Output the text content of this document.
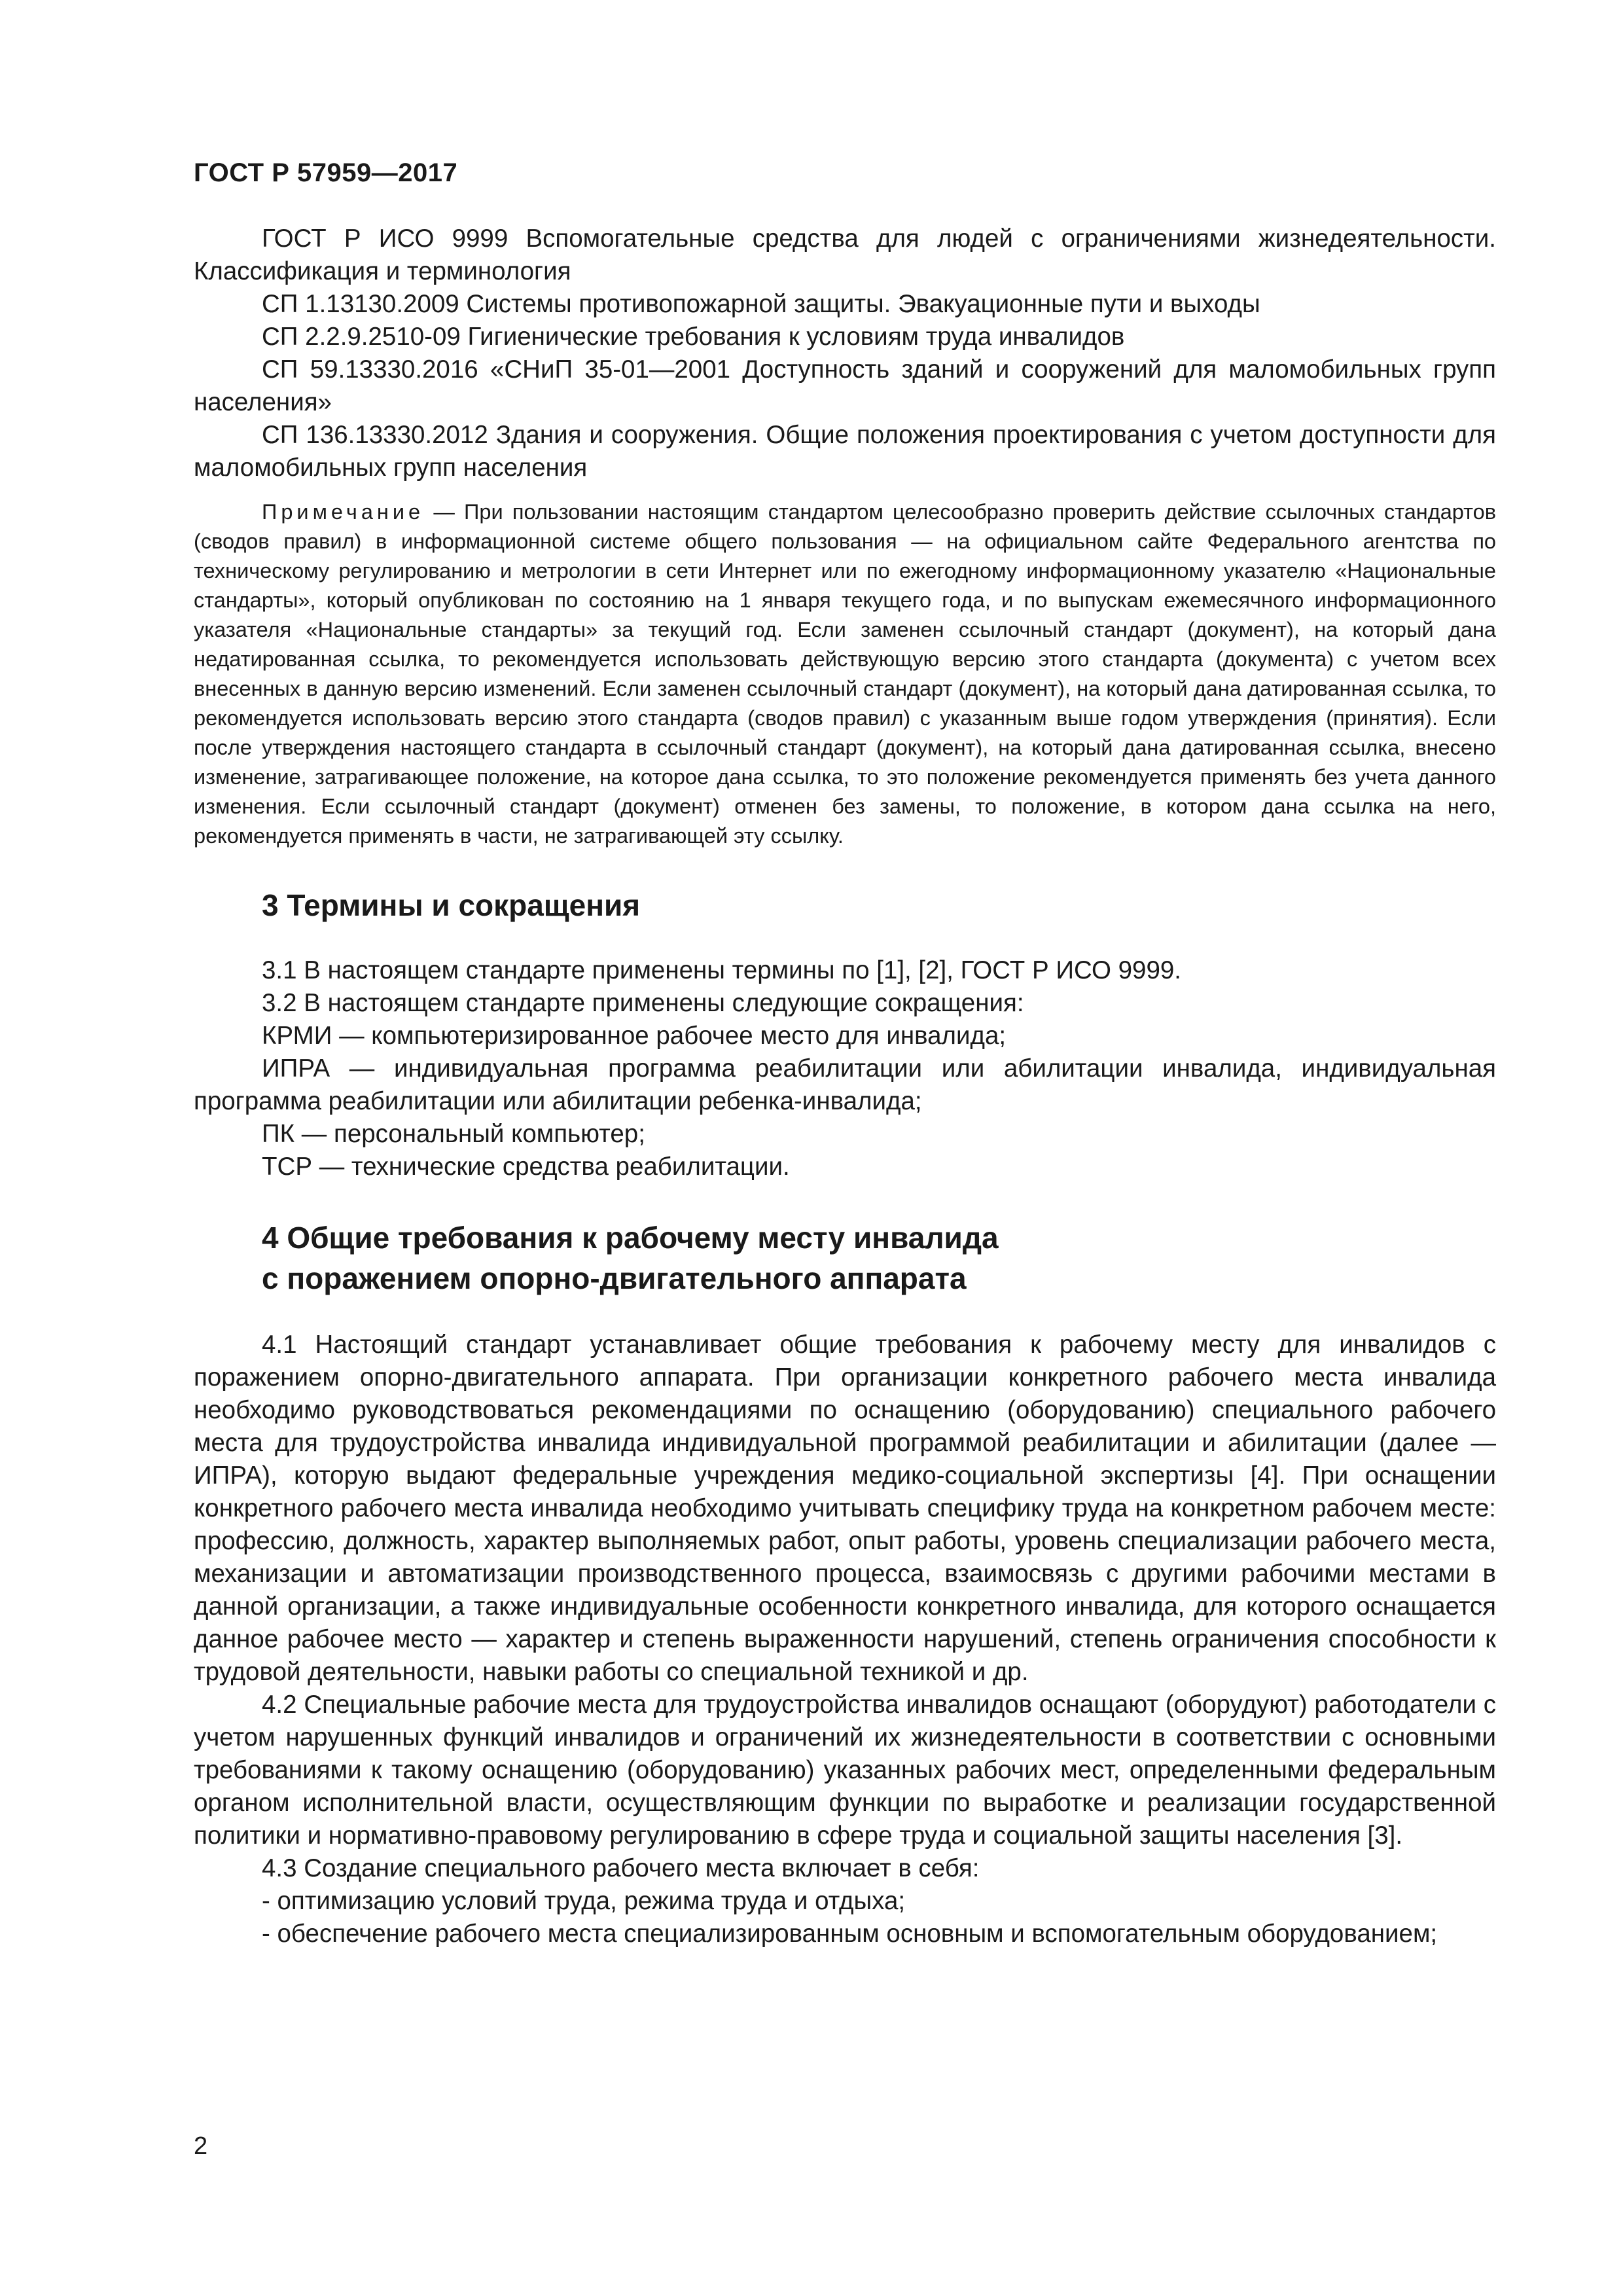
ГОСТ Р 57959—2017

ГОСТ Р ИСО 9999 Вспомогательные средства для людей с ограничениями жизнедеятельности. Классификация и терминология

СП 1.13130.2009 Системы противопожарной защиты. Эвакуационные пути и выходы

СП 2.2.9.2510-09 Гигиенические требования к условиям труда инвалидов

СП 59.13330.2016 «СНиП 35-01—2001 Доступность зданий и сооружений для маломобильных групп населения»

СП 136.13330.2012 Здания и сооружения. Общие положения проектирования с учетом доступности для маломобильных групп населения

Примечание — При пользовании настоящим стандартом целесообразно проверить действие ссылочных стандартов (сводов правил) в информационной системе общего пользования — на официальном сайте Федерального агентства по техническому регулированию и метрологии в сети Интернет или по ежегодному информационному указателю «Национальные стандарты», который опубликован по состоянию на 1 января текущего года, и по выпускам ежемесячного информационного указателя «Национальные стандарты» за текущий год. Если заменен ссылочный стандарт (документ), на который дана недатированная ссылка, то рекомендуется использовать действующую версию этого стандарта (документа) с учетом всех внесенных в данную версию изменений. Если заменен ссылочный стандарт (документ), на который дана датированная ссылка, то рекомендуется использовать версию этого стандарта (сводов правил) с указанным выше годом утверждения (принятия). Если после утверждения настоящего стандарта в ссылочный стандарт (документ), на который дана датированная ссылка, внесено изменение, затрагивающее положение, на которое дана ссылка, то это положение рекомендуется применять без учета данного изменения. Если ссылочный стандарт (документ) отменен без замены, то положение, в котором дана ссылка на него, рекомендуется применять в части, не затрагивающей эту ссылку.

3 Термины и сокращения

3.1 В настоящем стандарте применены термины по [1], [2], ГОСТ Р ИСО 9999.

3.2 В настоящем стандарте применены следующие сокращения:

КРМИ — компьютеризированное рабочее место для инвалида;

ИПРА — индивидуальная программа реабилитации или абилитации инвалида, индивидуальная программа реабилитации или абилитации ребенка-инвалида;

ПК — персональный компьютер;

ТСР — технические средства реабилитации.

4 Общие требования к рабочему месту инвалида
с поражением опорно-двигательного аппарата

4.1 Настоящий стандарт устанавливает общие требования к рабочему месту для инвалидов с поражением опорно-двигательного аппарата. При организации конкретного рабочего места инвалида необходимо руководствоваться рекомендациями по оснащению (оборудованию) специального рабочего места для трудоустройства инвалида индивидуальной программой реабилитации и абилитации (далее — ИПРА), которую выдают федеральные учреждения медико-социальной экспертизы [4]. При оснащении конкретного рабочего места инвалида необходимо учитывать специфику труда на конкретном рабочем месте: профессию, должность, характер выполняемых работ, опыт работы, уровень специализации рабочего места, механизации и автоматизации производственного процесса, взаимосвязь с другими рабочими местами в данной организации, а также индивидуальные особенности конкретного инвалида, для которого оснащается данное рабочее место — характер и степень выраженности нарушений, степень ограничения способности к трудовой деятельности, навыки работы со специальной техникой и др.

4.2 Специальные рабочие места для трудоустройства инвалидов оснащают (оборудуют) работодатели с учетом нарушенных функций инвалидов и ограничений их жизнедеятельности в соответствии с основными требованиями к такому оснащению (оборудованию) указанных рабочих мест, определенными федеральным органом исполнительной власти, осуществляющим функции по выработке и реализации государственной политики и нормативно-правовому регулированию в сфере труда и социальной защиты населения [3].

4.3 Создание специального рабочего места включает в себя:

- оптимизацию условий труда, режима труда и отдыха;

- обеспечение рабочего места специализированным основным и вспомогательным оборудованием;

2
